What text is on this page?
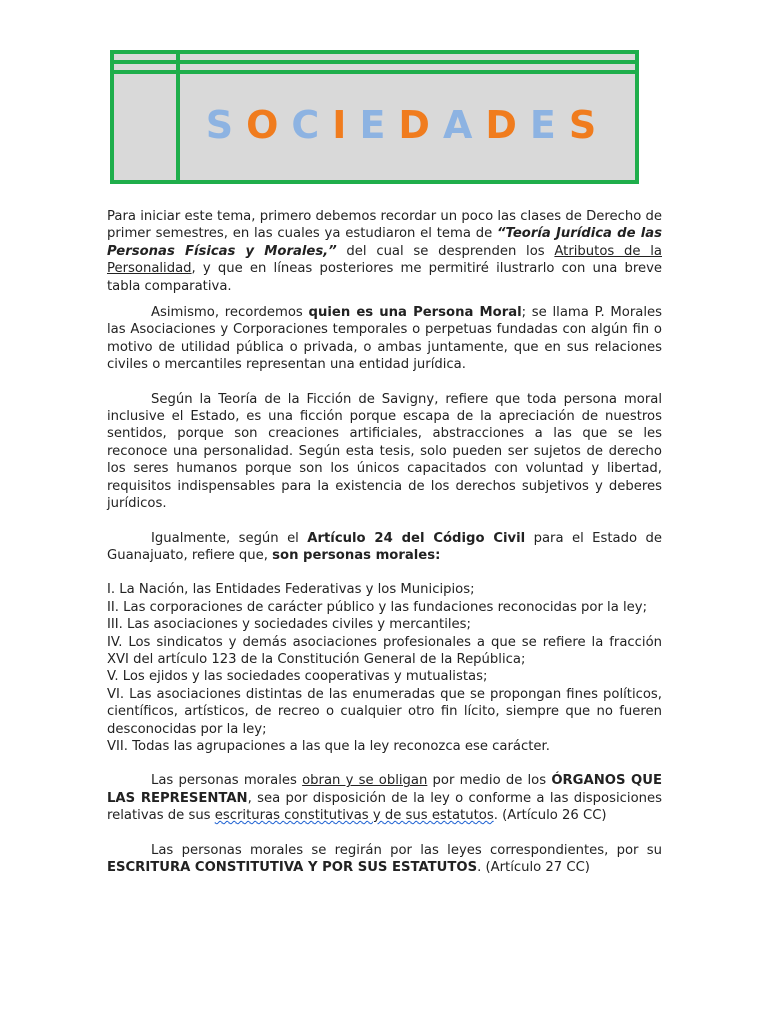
S O C I E D A D E S

Para iniciar este tema, primero debemos recordar un poco las clases de Derecho de primer semestres, en las cuales ya estudiaron el tema de “Teoría Jurídica de las Personas Físicas y Morales,” del cual se desprenden los Atributos de la Personalidad, y que en líneas posteriores me permitiré ilustrarlo con una breve tabla comparativa.

Asimismo, recordemos quien es una Persona Moral; se llama P. Morales las Asociaciones y Corporaciones temporales o perpetuas fundadas con algún fin o motivo de utilidad pública o privada, o ambas juntamente, que en sus relaciones civiles o mercantiles representan una entidad jurídica.

Según la Teoría de la Ficción de Savigny, refiere que toda persona moral inclusive el Estado, es una ficción porque escapa de la apreciación de nuestros sentidos, porque son creaciones artificiales, abstracciones a las que se les reconoce una personalidad. Según esta tesis, solo pueden ser sujetos de derecho los seres humanos porque son los únicos capacitados con voluntad y libertad, requisitos indispensables para la existencia de los derechos subjetivos y deberes jurídicos.

Igualmente, según el Artículo 24 del Código Civil para el Estado de Guanajuato, refiere que, son personas morales:

I. La Nación, las Entidades Federativas y los Municipios;
II. Las corporaciones de carácter público y las fundaciones reconocidas por la ley;
III. Las asociaciones y sociedades civiles y mercantiles;
IV. Los sindicatos y demás asociaciones profesionales a que se refiere la fracción XVI del artículo 123 de la Constitución General de la República;
V. Los ejidos y las sociedades cooperativas y mutualistas;
VI. Las asociaciones distintas de las enumeradas que se propongan fines políticos, científicos, artísticos, de recreo o cualquier otro fin lícito, siempre que no fueren desconocidas por la ley;
VII. Todas las agrupaciones a las que la ley reconozca ese carácter.

Las personas morales obran y se obligan por medio de los ÓRGANOS QUE LAS REPRESENTAN, sea por disposición de la ley o conforme a las disposiciones relativas de sus escrituras constitutivas y de sus estatutos. (Artículo 26 CC)

Las personas morales se regirán por las leyes correspondientes, por su ESCRITURA CONSTITUTIVA Y POR SUS ESTATUTOS. (Artículo 27 CC)
